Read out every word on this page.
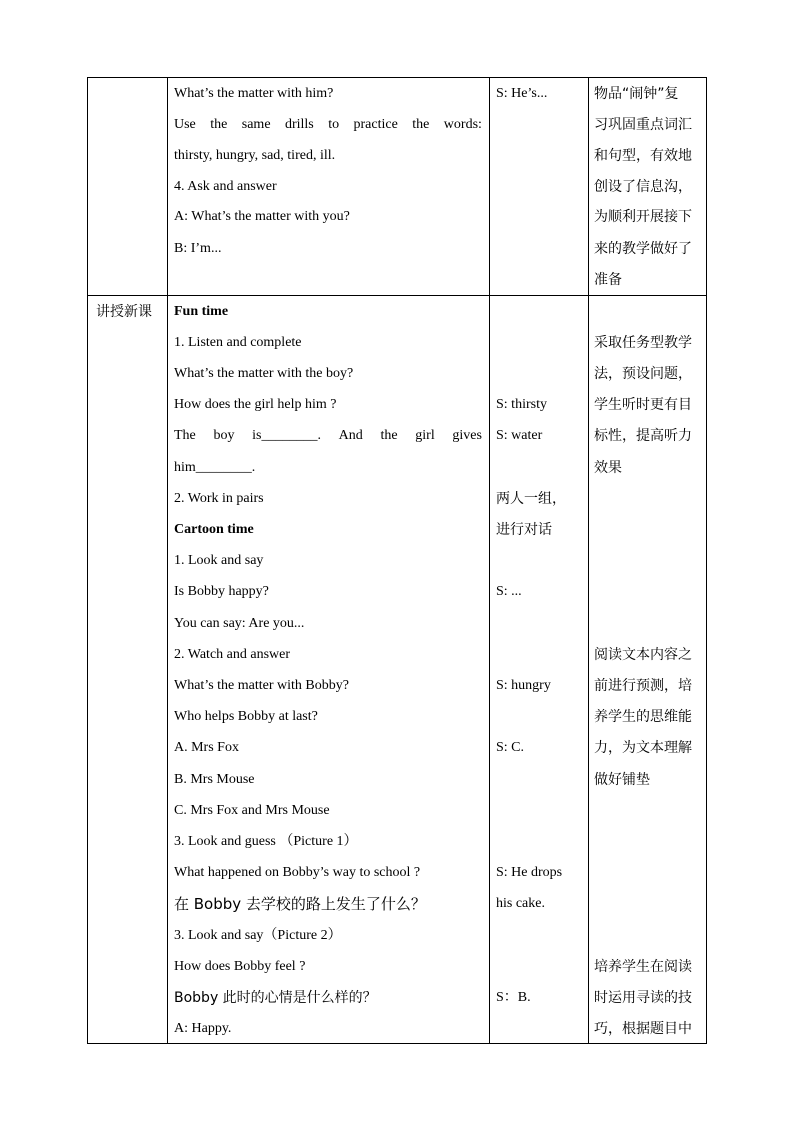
What’s the matter with him?
Use the same drills to practice the words:
thirsty, hungry, sad, tired, ill.
4. Ask and answer
A: What’s the matter with you?
B: I’m...
S: He’s...	物品“闹钟”复
习巩固重点词汇
和句型，有效地
创设了信息沟，
为顺利开展接下
来的教学做好了
准备
讲授新课 Fun time
1. Listen and complete
What’s the matter with the boy?
How does the girl help him ?
The boy is________. And the girl gives
him________.
2. Work in pairs
Cartoon time
1. Look and say
Is Bobby happy?
You can say: Are you...
2. Watch and answer
What’s the matter with Bobby?
Who helps Bobby at last?
A. Mrs Fox
B. Mrs Mouse
C. Mrs Fox and Mrs Mouse
3. Look and guess （Picture 1）
What happened on Bobby’s way to school ?
在 Bobby 去学校的路上发生了什么？
3. Look and say（Picture 2）
How does Bobby feel ?
Bobby 此时的心情是什么样的？
A: Happy.
S: thirsty
S: water
两人一组，
进行对话
S: ...
S: hungry
S: C.
S: He drops
his cake.
S：B.
采取任务型教学
法，预设问题，
学生听时更有目
标性，提高听力
效果
阅读文本内容之
前进行预测，培
养学生的思维能
力，为文本理解
做好铺垫
培养学生在阅读
时运用寻读的技
巧，根据题目中
